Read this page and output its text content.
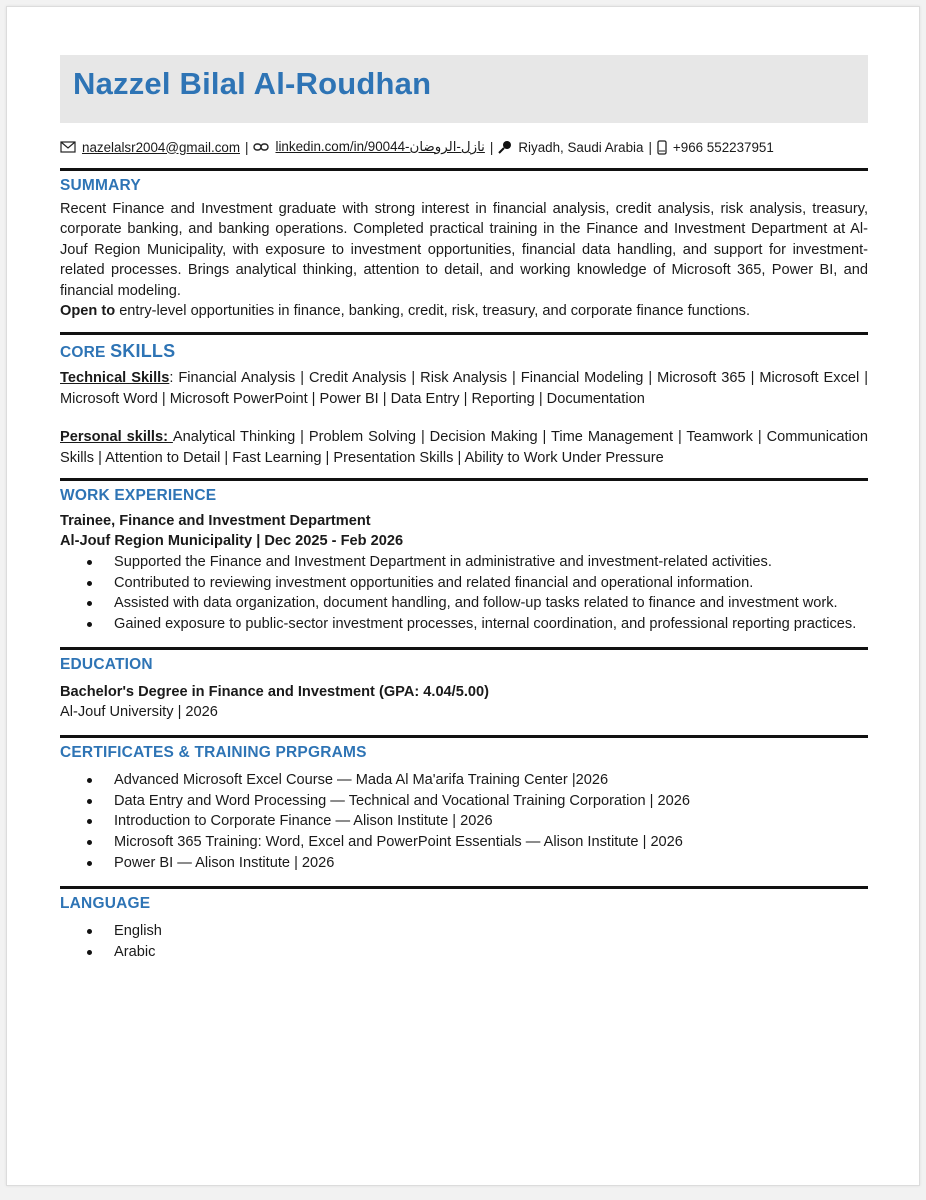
Nazzel Bilal Al-Roudhan
nazelalsr2004@gmail.com | linkedin.com/in/90044-نازل-الروضان | Riyadh, Saudi Arabia | +966 552237951
SUMMARY

Recent Finance and Investment graduate with strong interest in financial analysis, credit analysis, risk analysis, treasury, corporate banking, and banking operations. Completed practical training in the Finance and Investment Department at Al-Jouf Region Municipality, with exposure to investment opportunities, financial data handling, and support for investment-related processes. Brings analytical thinking, attention to detail, and working knowledge of Microsoft 365, Power BI, and financial modeling.
Open to entry-level opportunities in finance, banking, credit, risk, treasury, and corporate finance functions.

CORE SKILLS

Technical Skills: Financial Analysis | Credit Analysis | Risk Analysis | Financial Modeling | Microsoft 365 | Microsoft Excel | Microsoft Word | Microsoft PowerPoint | Power BI | Data Entry | Reporting | Documentation

Personal skills: Analytical Thinking | Problem Solving | Decision Making | Time Management | Teamwork | Communication Skills | Attention to Detail | Fast Learning | Presentation Skills | Ability to Work Under Pressure

WORK EXPERIENCE
Trainee, Finance and Investment Department
Al-Jouf Region Municipality | Dec 2025 - Feb 2026
Supported the Finance and Investment Department in administrative and investment-related activities.
Contributed to reviewing investment opportunities and related financial and operational information.
Assisted with data organization, document handling, and follow-up tasks related to finance and investment work.
Gained exposure to public-sector investment processes, internal coordination, and professional reporting practices.
EDUCATION
Bachelor's Degree in Finance and Investment (GPA: 4.04/5.00)
Al-Jouf University | 2026
CERTIFICATES & TRAINING PRPGRAMS
Advanced Microsoft Excel Course — Mada Al Ma'arifa Training Center |2026
Data Entry and Word Processing — Technical and Vocational Training Corporation | 2026
Introduction to Corporate Finance — Alison Institute | 2026
Microsoft 365 Training: Word, Excel and PowerPoint Essentials — Alison Institute | 2026
Power BI — Alison Institute | 2026
LANGUAGE
English
Arabic
